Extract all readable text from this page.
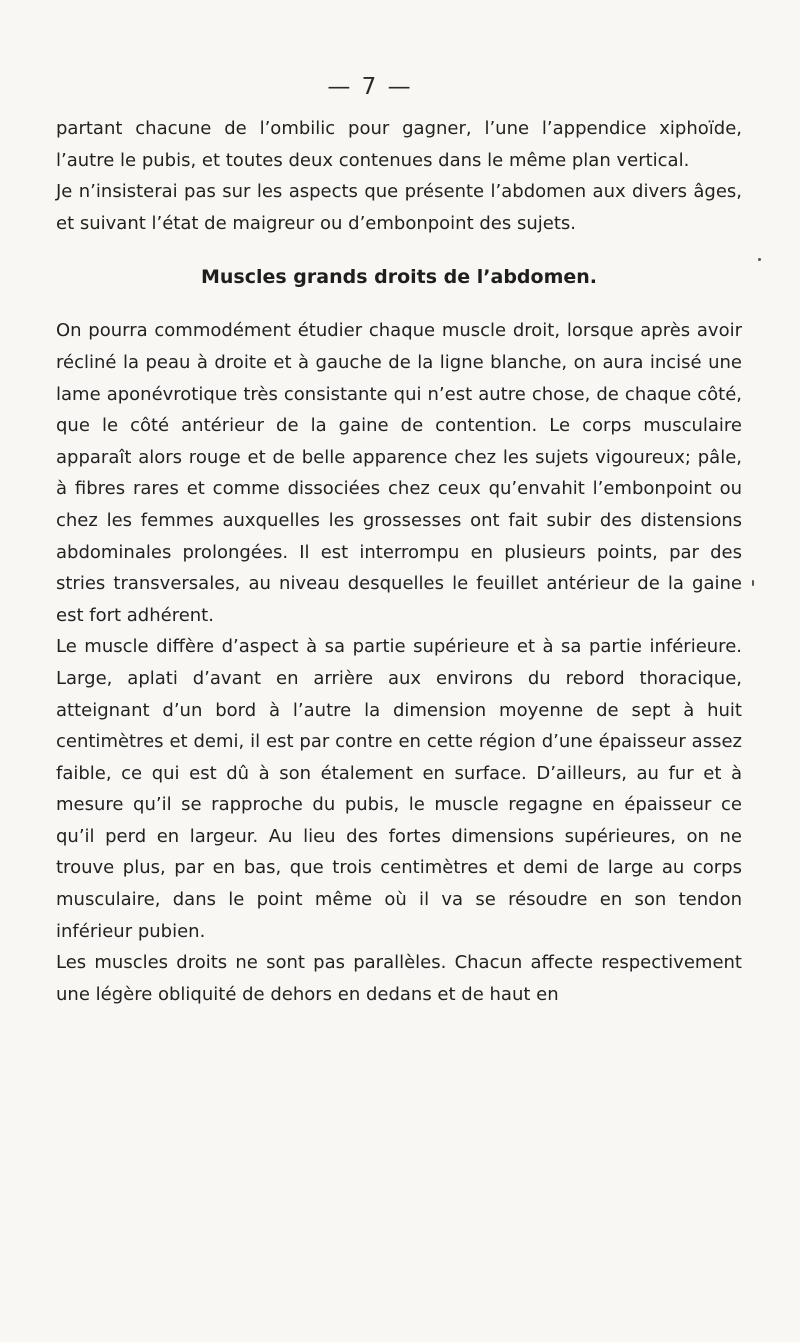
— 7 —

partant chacune de l’ombilic pour gagner, l’une l’appendice xiphoïde, l’autre le pubis, et toutes deux contenues dans le même plan vertical.

Je n’insisterai pas sur les aspects que présente l’abdomen aux divers âges, et suivant l’état de maigreur ou d’embonpoint des sujets.

Muscles grands droits de l’abdomen.

On pourra commodément étudier chaque muscle droit, lorsque après avoir récliné la peau à droite et à gauche de la ligne blanche, on aura incisé une lame aponévrotique très consistante qui n’est autre chose, de chaque côté, que le côté antérieur de la gaine de contention. Le corps musculaire apparaît alors rouge et de belle apparence chez les sujets vigoureux; pâle, à fibres rares et comme dissociées chez ceux qu’envahit l’embonpoint ou chez les femmes auxquelles les grossesses ont fait subir des distensions abdominales prolongées. Il est interrompu en plusieurs points, par des stries transversales, au niveau desquelles le feuillet antérieur de la gaine est fort adhérent.

Le muscle diffère d’aspect à sa partie supérieure et à sa partie inférieure. Large, aplati d’avant en arrière aux environs du rebord thoracique, atteignant d’un bord à l’autre la dimension moyenne de sept à huit centimètres et demi, il est par contre en cette région d’une épaisseur assez faible, ce qui est dû à son étalement en surface. D’ailleurs, au fur et à mesure qu’il se rapproche du pubis, le muscle regagne en épaisseur ce qu’il perd en largeur. Au lieu des fortes dimensions supérieures, on ne trouve plus, par en bas, que trois centimètres et demi de large au corps musculaire, dans le point même où il va se résoudre en son tendon inférieur pubien.

Les muscles droits ne sont pas parallèles. Chacun affecte respectivement une légère obliquité de dehors en dedans et de haut en
